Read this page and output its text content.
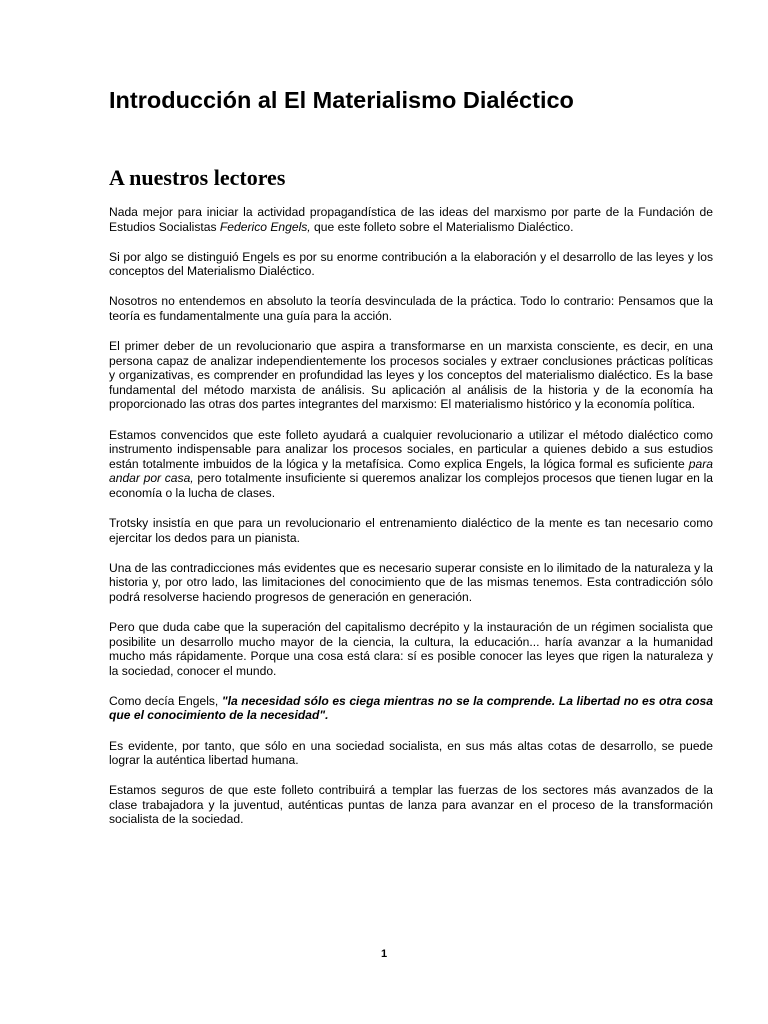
Introducción al El Materialismo Dialéctico
A nuestros lectores

Nada mejor para iniciar la actividad propagandística de las ideas del marxismo por parte de la Fundación de Estudios Socialistas Federico Engels, que este folleto sobre el Materialismo Dialéctico.

Si por algo se distinguió Engels es por su enorme contribución a la elaboración y el desarrollo de las leyes y los conceptos del Materialismo Dialéctico.

Nosotros no entendemos en absoluto la teoría desvinculada de la práctica. Todo lo contrario: Pensamos que la teoría es fundamentalmente una guía para la acción.

El primer deber de un revolucionario que aspira a transformarse en un marxista consciente, es decir, en una persona capaz de analizar independientemente los procesos sociales y extraer conclusiones prácticas políticas y organizativas, es comprender en profundidad las leyes y los conceptos del materialismo dialéctico. Es la base fundamental del método marxista de análisis. Su aplicación al análisis de la historia y de la economía ha proporcionado las otras dos partes integrantes del marxismo: El materialismo histórico y la economía política.

Estamos convencidos que este folleto ayudará a cualquier revolucionario a utilizar el método dialéctico como instrumento indispensable para analizar los procesos sociales, en particular a quienes debido a sus estudios están totalmente imbuidos de la lógica y la metafísica. Como explica Engels, la lógica formal es suficiente para andar por casa, pero totalmente insuficiente si queremos analizar los complejos procesos que tienen lugar en la economía o la lucha de clases.

Trotsky insistía en que para un revolucionario el entrenamiento dialéctico de la mente es tan necesario como ejercitar los dedos para un pianista.

Una de las contradicciones más evidentes que es necesario superar consiste en lo ilimitado de la naturaleza y la historia y, por otro lado, las limitaciones del conocimiento que de las mismas tenemos. Esta contradicción sólo podrá resolverse haciendo progresos de generación en generación.

Pero que duda cabe que la superación del capitalismo decrépito y la instauración de un régimen socialista que posibilite un desarrollo mucho mayor de la ciencia, la cultura, la educación... haría avanzar a la humanidad mucho más rápidamente. Porque una cosa está clara: sí es posible conocer las leyes que rigen la naturaleza y la sociedad, conocer el mundo.

Como decía Engels, "la necesidad sólo es ciega mientras no se la comprende. La libertad no es otra cosa que el conocimiento de la necesidad".

Es evidente, por tanto, que sólo en una sociedad socialista, en sus más altas cotas de desarrollo, se puede lograr la auténtica libertad humana.

Estamos seguros de que este folleto contribuirá a templar las fuerzas de los sectores más avanzados de la clase trabajadora y la juventud, auténticas puntas de lanza para avanzar en el proceso de la transformación socialista de la sociedad.

1
